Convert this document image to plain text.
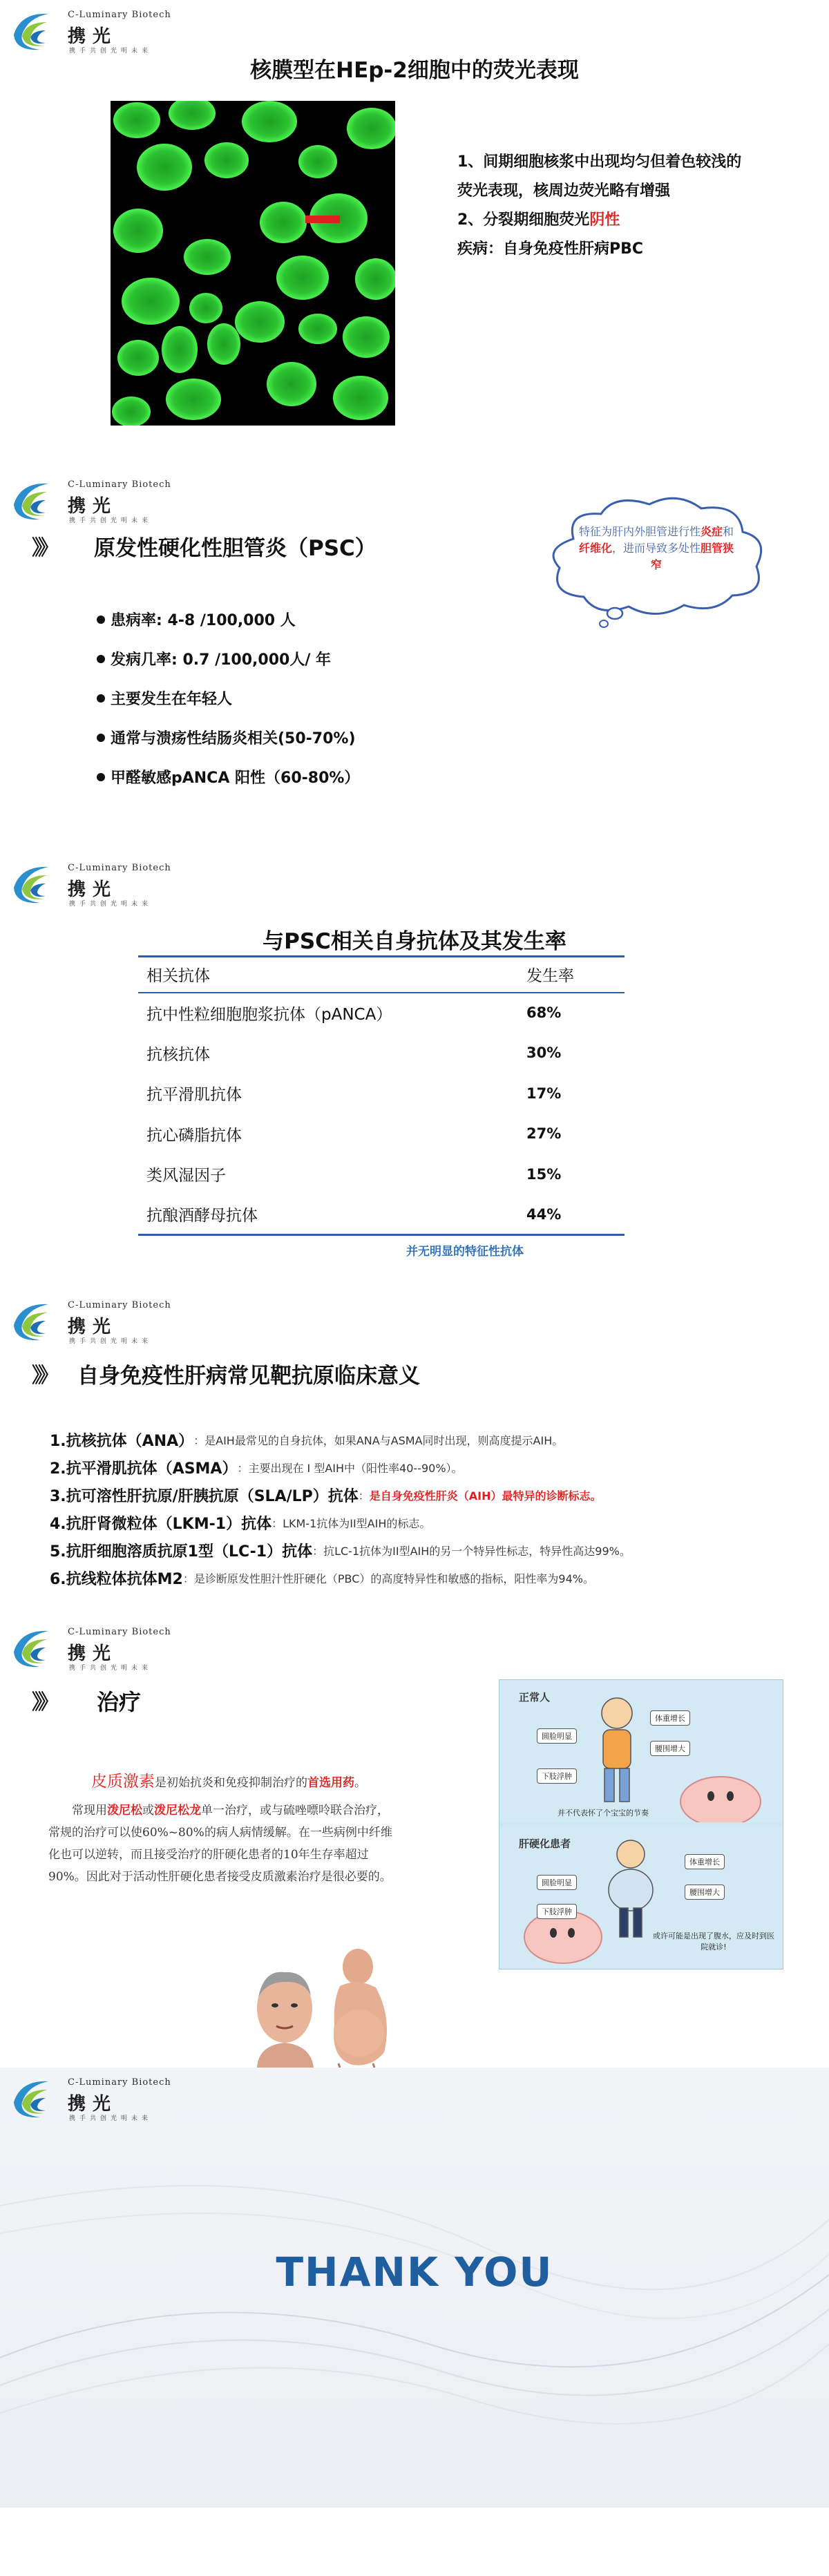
C-Luminary Biotech
携光
携手共创光明未来
核膜型在HEp-2细胞中的荧光表现
1、间期细胞核浆中出现均匀但着色较浅的荧光表现，核周边荧光略有增强
2、分裂期细胞荧光阴性
疾病：自身免疫性肝病PBC
C-Luminary Biotech
携光
携手共创光明未来
》》 原发性硬化性胆管炎（PSC）
患病率: 4-8 /100,000 人
发病几率: 0.7 /100,000人/ 年
主要发生在年轻人
通常与溃疡性结肠炎相关(50-70%)
甲醛敏感pANCA 阳性（60-80%）
特征为肝内外胆管进行性炎症和纤维化，进而导致多处性胆管狭窄
C-Luminary Biotech
携光
携手共创光明未来
与PSC相关自身抗体及其发生率
相关抗体	发生率
抗中性粒细胞胞浆抗体（pANCA）	68%
抗核抗体	30%
抗平滑肌抗体	17%
抗心磷脂抗体	27%
类风湿因子	15%
抗酿酒酵母抗体	44%
并无明显的特征性抗体
C-Luminary Biotech
携光
携手共创光明未来
》》 自身免疫性肝病常见靶抗原临床意义
1.抗核抗体（ANA） ：是AIH最常见的自身抗体，如果ANA与ASMA同时出现，则高度提示AIH。
2.抗平滑肌抗体（ASMA） ：主要出现在 I 型AIH中（阳性率40--90%）。
3.抗可溶性肝抗原/肝胰抗原（SLA/LP）抗体 ： 是自身免疫性肝炎（AIH）最特异的诊断标志。
4.抗肝肾微粒体（LKM-1）抗体 ：LKM-1抗体为II型AIH的标志。
5.抗肝细胞溶质抗原1型（LC-1）抗体 ：抗LC-1抗体为II型AIH的另一个特异性标志，特异性高达99%。
6.抗线粒体抗体M2 ：是诊断原发性胆汁性肝硬化（PBC）的高度特异性和敏感的指标，阳性率为94%。
C-Luminary Biotech
携光
携手共创光明未来
》》 治疗

皮质激素是初始抗炎和免疫抑制治疗的首选用药。

常现用泼尼松或泼尼松龙单一治疗，或与硫唑嘌呤联合治疗，常规的治疗可以使60%~80%的病人病情缓解。在一些病例中纤维化也可以逆转，而且接受治疗的肝硬化患者的10年生存率超过90%。因此对于活动性肝硬化患者接受皮质激素治疗是很必要的。

正常人
体重增长
圆脸明显
腰围增大
下肢浮肿
并不代表怀了个宝宝的节奏
肝硬化患者
体重增长
圆脸明显
腰围增大
下肢浮肿
或许可能是出现了腹水，应及时到医院就诊!
C-Luminary Biotech
携光
携手共创光明未来
THANK YOU
